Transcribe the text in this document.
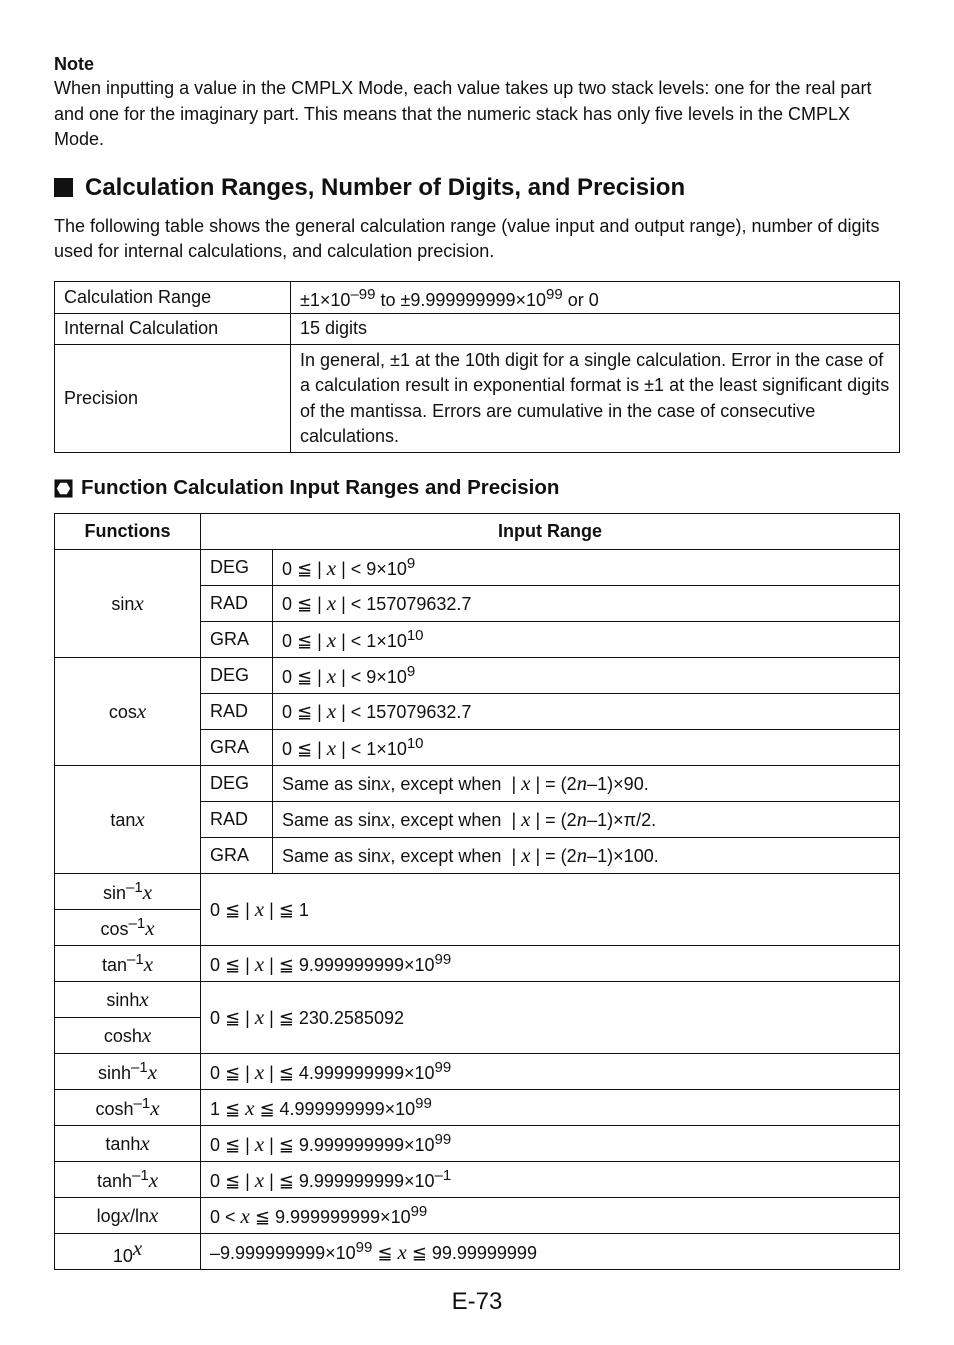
Note
When inputting a value in the CMPLX Mode, each value takes up two stack levels: one for the real part and one for the imaginary part. This means that the numeric stack has only five levels in the CMPLX Mode.
Calculation Ranges, Number of Digits, and Precision
The following table shows the general calculation range (value input and output range), number of digits used for internal calculations, and calculation precision.
Calculation Range	$\pm 1\times 10^{-99}$ to $\pm 9.999999999\times 10^{99}$ or 0
Internal Calculation	15 digits
Precision	In general, ±1 at the 10th digit for a single calculation. Error in the case of a calculation result in exponential format is ±1 at the least significant digits of the mantissa. Errors are cumulative in the case of consecutive calculations.
Function Calculation Input Ranges and Precision
Functions	Input Range	
sinx	DEG	0 ≦ | x | < $9\times 10^9$
	RAD	0 ≦ | x | < 157079632.7
	GRA	0 ≦ | x | < $1\times 10^{10}$
cosx	DEG	0 ≦ | x | < $9\times 10^9$
	RAD	0 ≦ | x | < 157079632.7
	GRA	0 ≦ | x | < $1\times 10^{10}$
tanx	DEG	Same as sinx, except when  | x | = (2n–1)×90.
	RAD	Same as sinx, except when  | x | = (2n–1)×π/2.
	GRA	Same as sinx, except when  | x | = (2n–1)×100.
$\sin^{-1}x$	0 ≦ | x | ≦ 1	
$\cos^{-1}x$		
$\tan^{-1}x$	0 ≦ | x | ≦ $9.999999999\times 10^{99}$
sinhx	0 ≦ | x | ≦ 230.2585092	
coshx		
$\sinh^{-1}x$	0 ≦ | x | ≦ $4.999999999\times 10^{99}$
$\cosh^{-1}x$	1 ≦ x ≦ $4.999999999\times 10^{99}$
tanhx	0 ≦ | x | ≦ $9.999999999\times 10^{99}$
$\tanh^{-1}x$	0 ≦ | x | ≦ $9.999999999\times 10^{-1}$
logx/lnx	0 < x ≦ $9.999999999\times 10^{99}$
10$^x$	$-9.999999999\times 10^{99}$ ≦ x ≦ 99.99999999	
E-73
